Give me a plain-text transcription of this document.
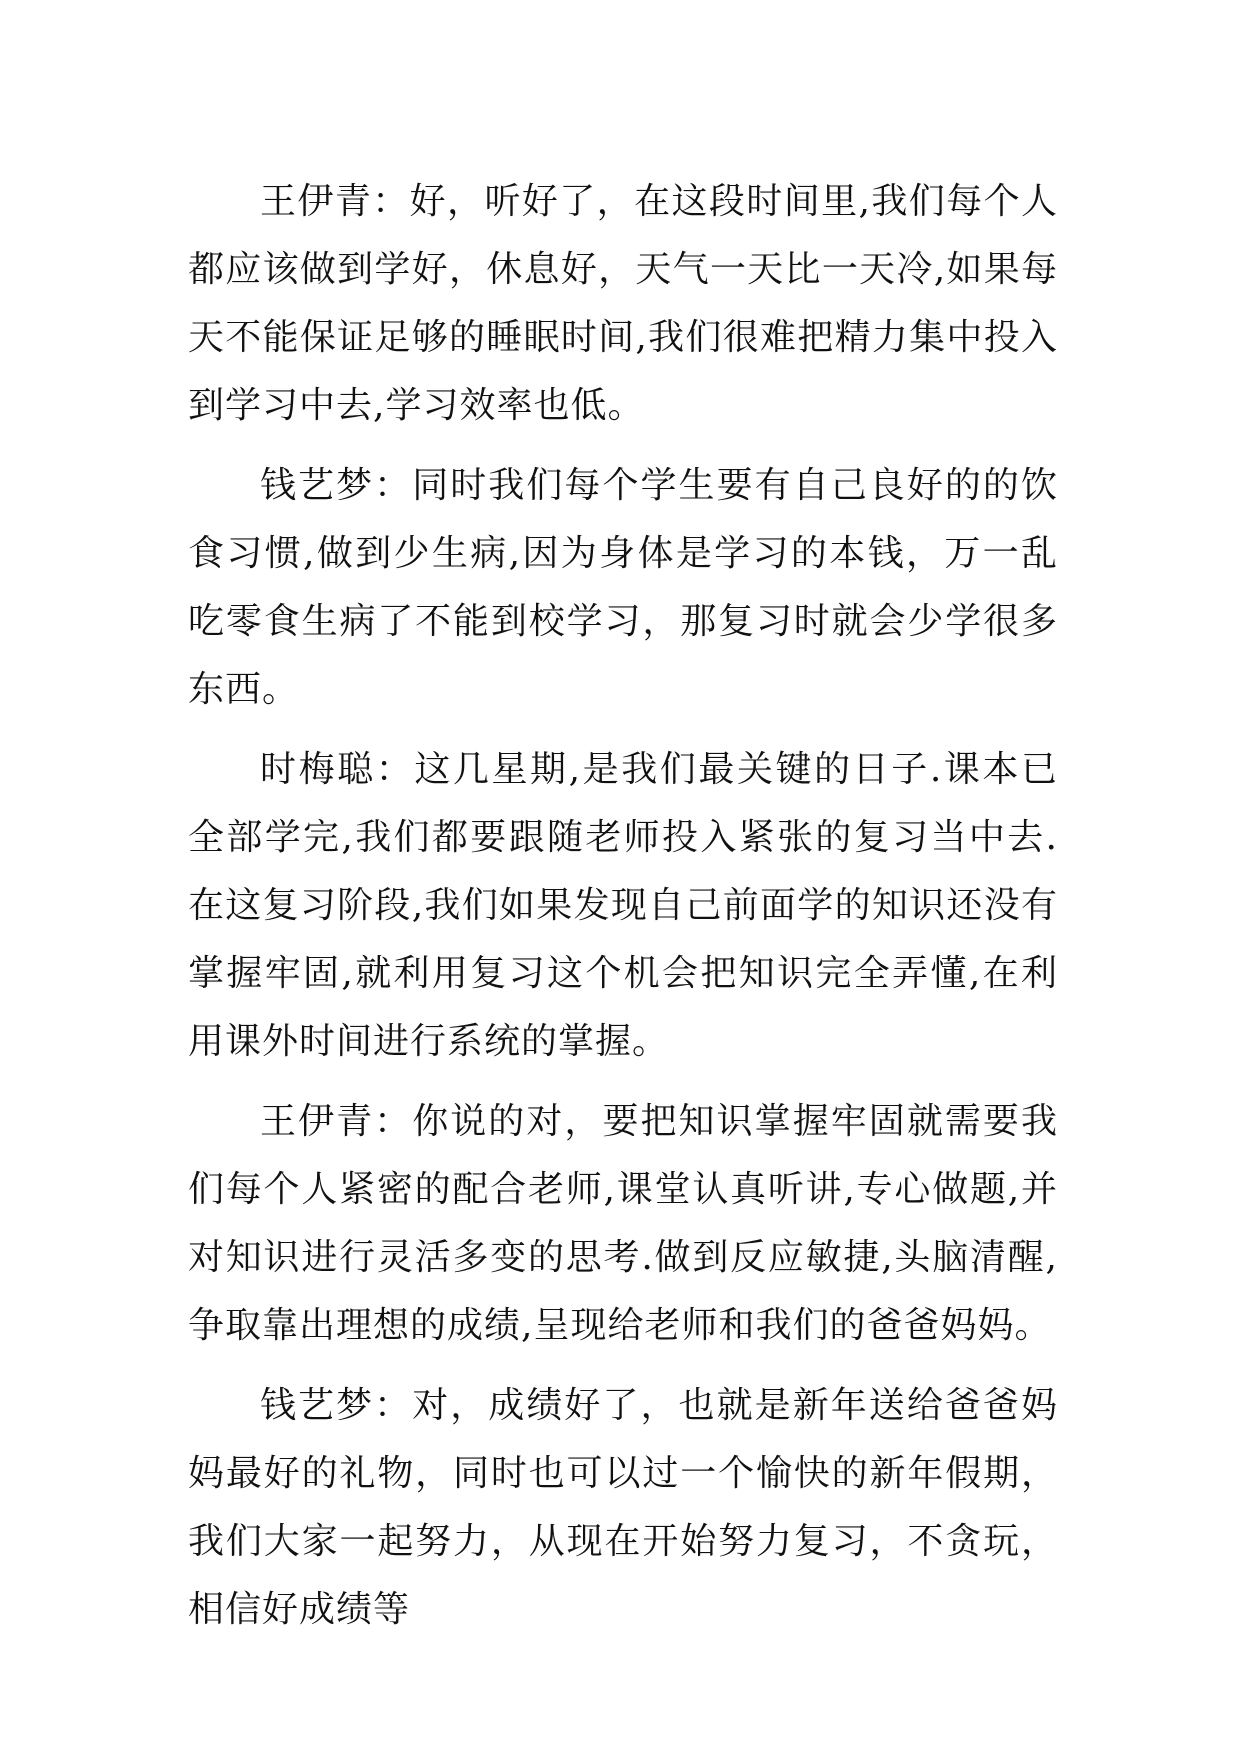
王伊青：好，听好了，在这段时间里,我们每个人都应该做到学好，休息好，天气一天比一天冷,如果每天不能保证足够的睡眠时间,我们很难把精力集中投入到学习中去,学习效率也低。

钱艺梦：同时我们每个学生要有自己良好的的饮食习惯,做到少生病,因为身体是学习的本钱，万一乱吃零食生病了不能到校学习，那复习时就会少学很多东西。

时梅聪：这几星期,是我们最关键的日子.课本已全部学完,我们都要跟随老师投入紧张的复习当中去.在这复习阶段,我们如果发现自己前面学的知识还没有掌握牢固,就利用复习这个机会把知识完全弄懂,在利用课外时间进行系统的掌握。

王伊青：你说的对，要把知识掌握牢固就需要我们每个人紧密的配合老师,课堂认真听讲,专心做题,并对知识进行灵活多变的思考.做到反应敏捷,头脑清醒,争取靠出理想的成绩,呈现给老师和我们的爸爸妈妈。

钱艺梦：对，成绩好了，也就是新年送给爸爸妈妈最好的礼物，同时也可以过一个愉快的新年假期，我们大家一起努力，从现在开始努力复习，不贪玩，相信好成绩等
